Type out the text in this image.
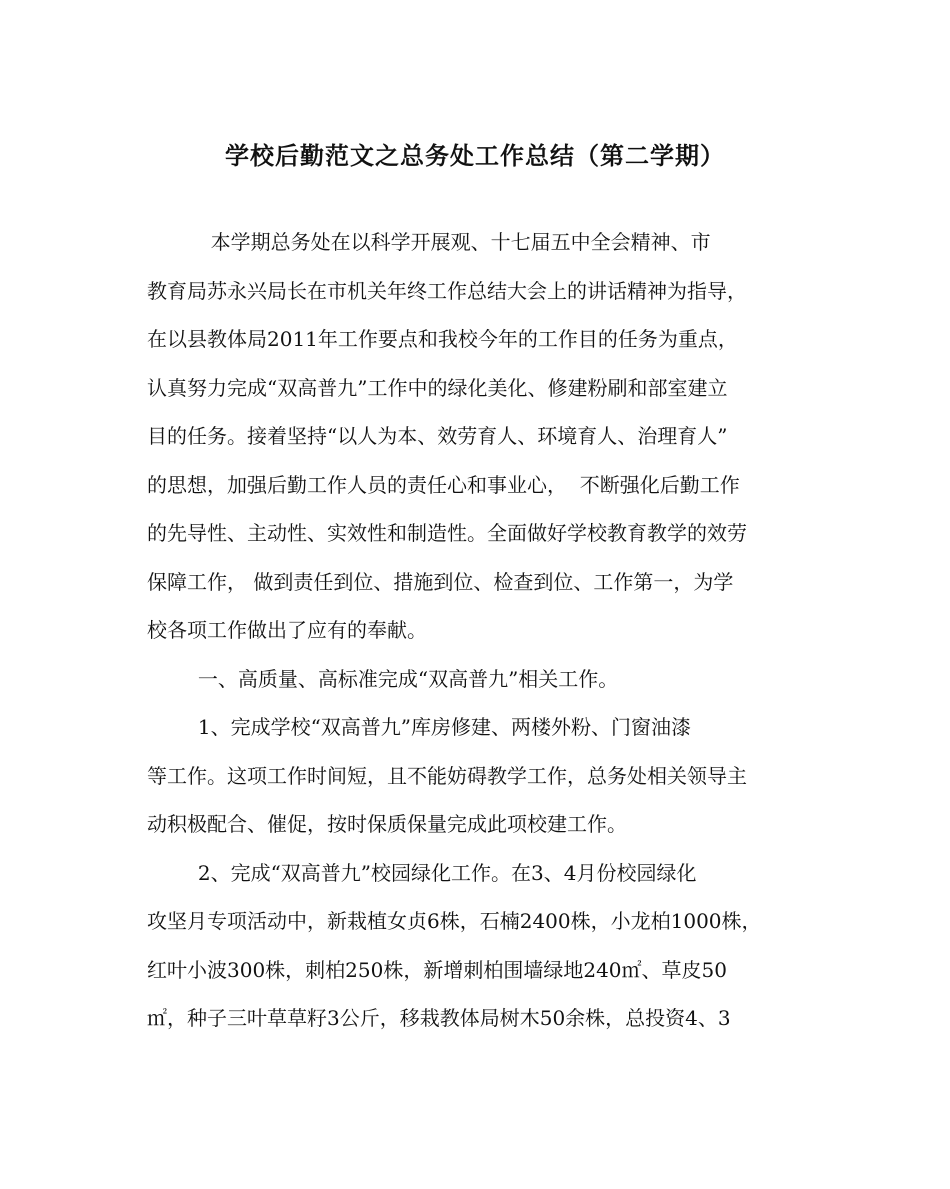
学校后勤范文之总务处工作总结（第二学期）
本学期总务处在以科学开展观、十七届五中全会精神、市
教育局苏永兴局长在市机关年终工作总结大会上的讲话精神为指导，
在以县教体局2011年工作要点和我校今年的工作目的任务为重点，
认真努力完成“双高普九”工作中的绿化美化、修建粉刷和部室建立
目的任务。接着坚持“以人为本、效劳育人、环境育人、治理育人”
的思想，加强后勤工作人员的责任心和事业心，  不断强化后勤工作
的先导性、主动性、实效性和制造性。全面做好学校教育教学的效劳
保障工作， 做到责任到位、措施到位、检查到位、工作第一，为学
校各项工作做出了应有的奉献。
一、高质量、高标准完成“双高普九”相关工作。
1、完成学校“双高普九”库房修建、两楼外粉、门窗油漆
等工作。这项工作时间短，且不能妨碍教学工作，总务处相关领导主
动积极配合、催促，按时保质保量完成此项校建工作。
2、完成“双高普九”校园绿化工作。在3、4月份校园绿化
攻坚月专项活动中，新栽植女贞6株，石楠2400株，小龙柏1000株，
红叶小波300株，刺柏250株，新增刺柏围墙绿地240㎡、草皮50
㎡，种子三叶草草籽3公斤，移栽教体局树木50余株，总投资4、3
